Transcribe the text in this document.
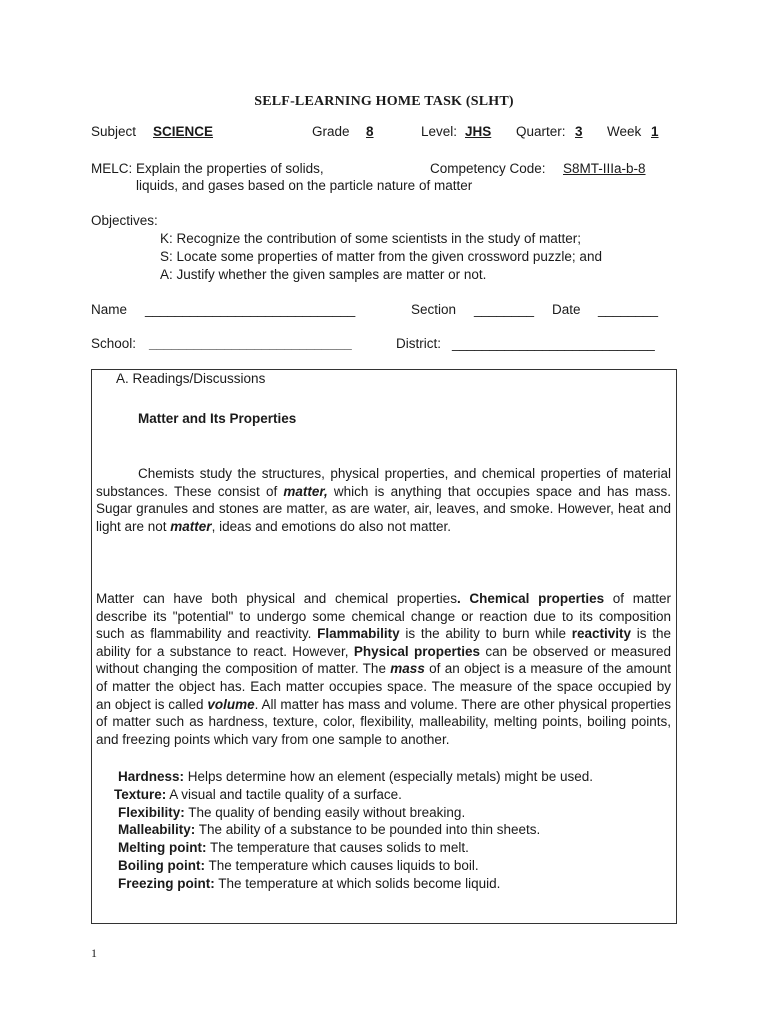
SELF-LEARNING HOME TASK (SLHT)
Subject SCIENCE	Grade 8	Level: JHS Quarter: 3 Week 1
MELC: Explain the properties of solids,	Competency Code: S8MT-IIIa-b-8
liquids, and gases based on the particle nature of matter
Objectives:
K: Recognize the contribution of some scientists in the study of matter;
S: Locate some properties of matter from the given crossword puzzle; and
A: Justify whether the given samples are matter or not.
Name ____________________________	Section ________ Date ________
School: ___________________________	District: ___________________________
A. Readings/Discussions
Matter and Its Properties

Chemists study the structures, physical properties, and chemical properties of material substances. These consist of matter, which is anything that occupies space and has mass. Sugar granules and stones are matter, as are water, air, leaves, and smoke. However, heat and light are not matter, ideas and emotions do also not matter.

Matter can have both physical and chemical properties. Chemical properties of matter describe its "potential" to undergo some chemical change or reaction due to its composition such as flammability and reactivity. Flammability is the ability to burn while reactivity is the ability for a substance to react. However, Physical properties can be observed or measured without changing the composition of matter. The mass of an object is a measure of the amount of matter the object has. Each matter occupies space. The measure of the space occupied by an object is called volume. All matter has mass and volume. There are other physical properties of matter such as hardness, texture, color, flexibility, malleability, melting points, boiling points, and freezing points which vary from one sample to another.

Hardness: Helps determine how an element (especially metals) might be used.
Texture: A visual and tactile quality of a surface.
Flexibility: The quality of bending easily without breaking.
Malleability: The ability of a substance to be pounded into thin sheets.
Melting point: The temperature that causes solids to melt.
Boiling point: The temperature which causes liquids to boil.
Freezing point: The temperature at which solids become liquid.
1
